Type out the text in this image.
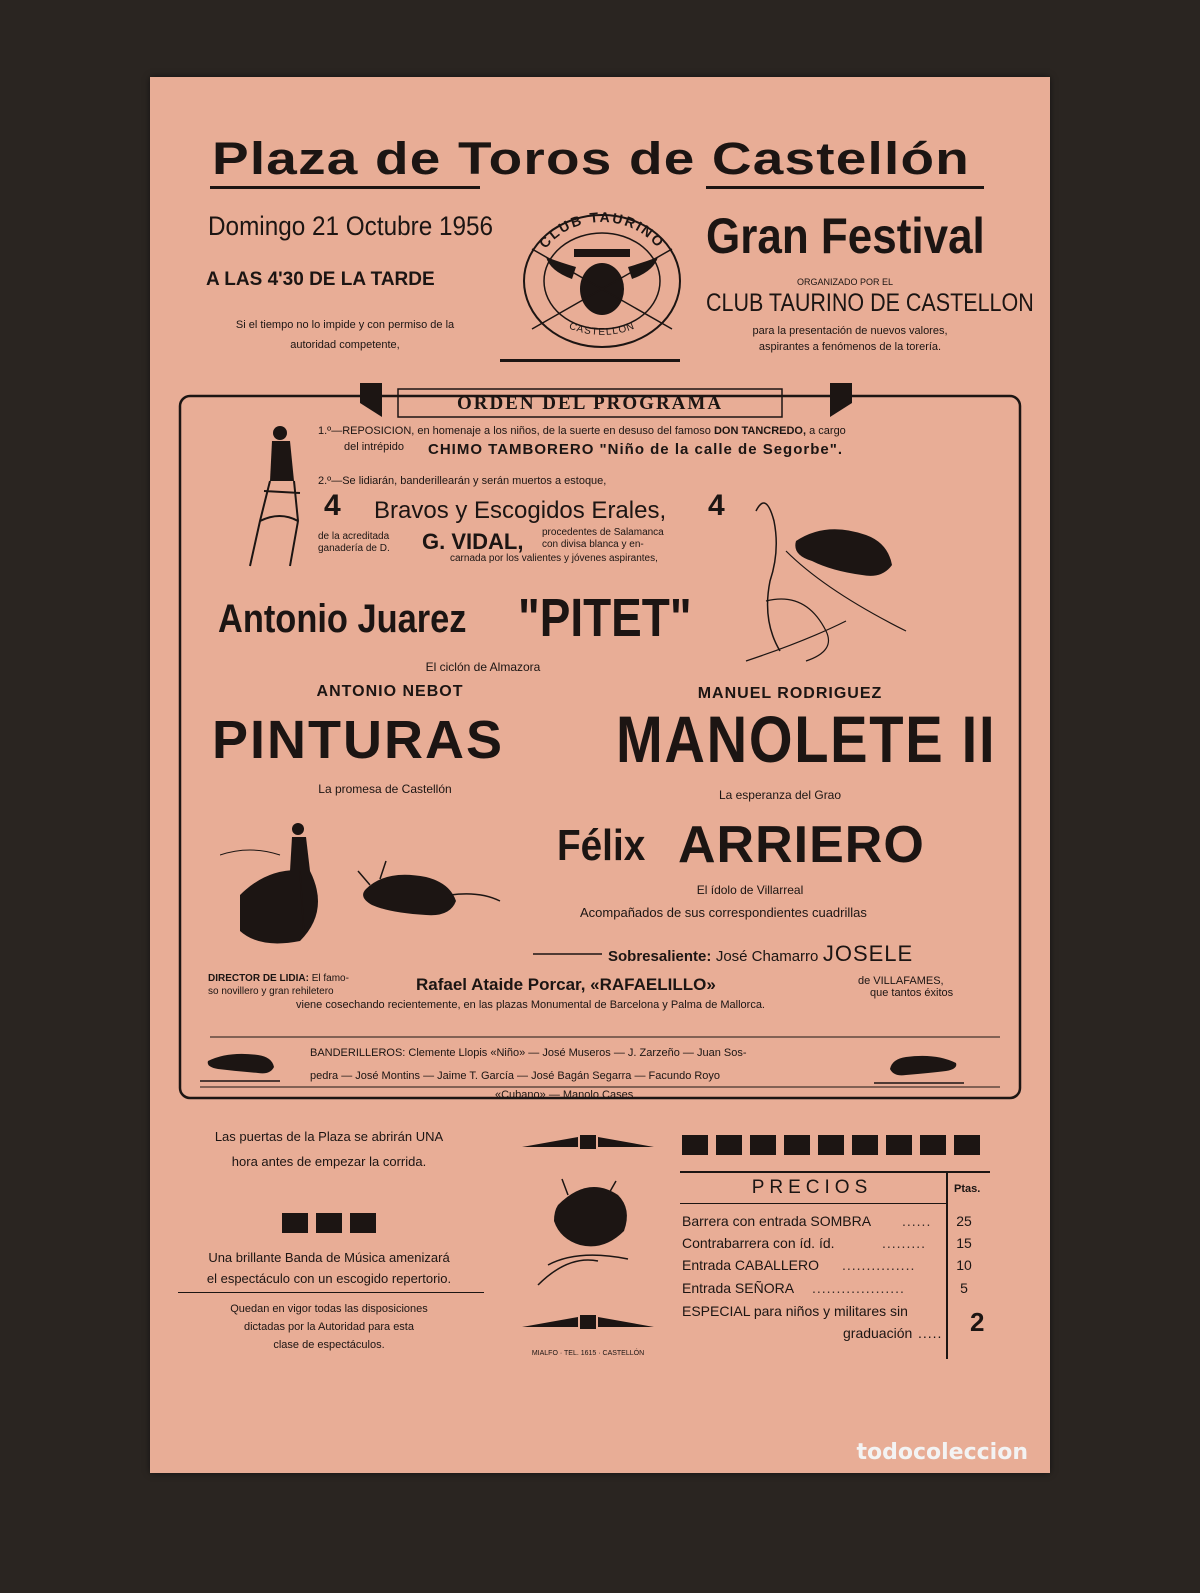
Plaza de Toros de Castellón
Domingo 21 Octubre 1956
A LAS 4'30 DE LA TARDE
Si el tiempo no lo impide y con permiso de la
autoridad competente,
CLUB TAURINO
CASTELLON
Gran Festival
ORGANIZADO POR EL
CLUB TAURINO DE CASTELLON
para la presentación de nuevos valores,
aspirantes a fenómenos de la torería.
ORDEN DEL PROGRAMA
1.º—REPOSICION, en homenaje a los niños, de la suerte en desuso del famoso DON TANCREDO, a cargo
del intrépido CHIMO TAMBORERO "Niño de la calle de Segorbe".
2.º—Se lidiarán, banderillearán y serán muertos a estoque,
4 Bravos y Escogidos Erales, 4
de la acreditada
ganadería de D. G. VIDAL, procedentes de Salamanca
con divisa blanca y en-
carnada por los valientes y jóvenes aspirantes,
Antonio Juarez "PITET"
El ciclón de Almazora
ANTONIO NEBOT
PINTURAS
La promesa de Castellón
MANUEL RODRIGUEZ
MANOLETE II
La esperanza del Grao
Félix ARRIERO
El ídolo de Villarreal
Acompañados de sus correspondientes cuadrillas
Sobresaliente: José Chamarro JOSELE
DIRECTOR DE LIDIA: El famo-
so novillero y gran rehiletero	Rafael Ataide Porcar, «RAFAELILLO»	de VILLAFAMES,
que tantos éxitos
viene cosechando recientemente, en las plazas Monumental de Barcelona y Palma de Mallorca.
BANDERILLEROS: Clemente Llopis «Niño» — José Museros — J. Zarzeño — Juan Sos-
pedra — José Montins — Jaime T. García — José Bagán Segarra — Facundo Royo
«Cubano» — Manolo Cases
Las puertas de la Plaza se abrirán UNA
hora antes de empezar la corrida.
Una brillante Banda de Música amenizará
el espectáculo con un escogido repertorio.
Quedan en vigor todas las disposiciones
dictadas por la Autoridad para esta
clase de espectáculos.
MIALFO · TEL. 1615 · CASTELLÓN
PRECIOS	Ptas.
Barrera con entrada SOMBRA ......	25
Contrabarrera con íd. íd.	.........	15
Entrada CABALLERO ...............	10
Entrada SEÑORA ...................	5
ESPECIAL para niños y militares sin
graduación ..... 2
todocoleccion
